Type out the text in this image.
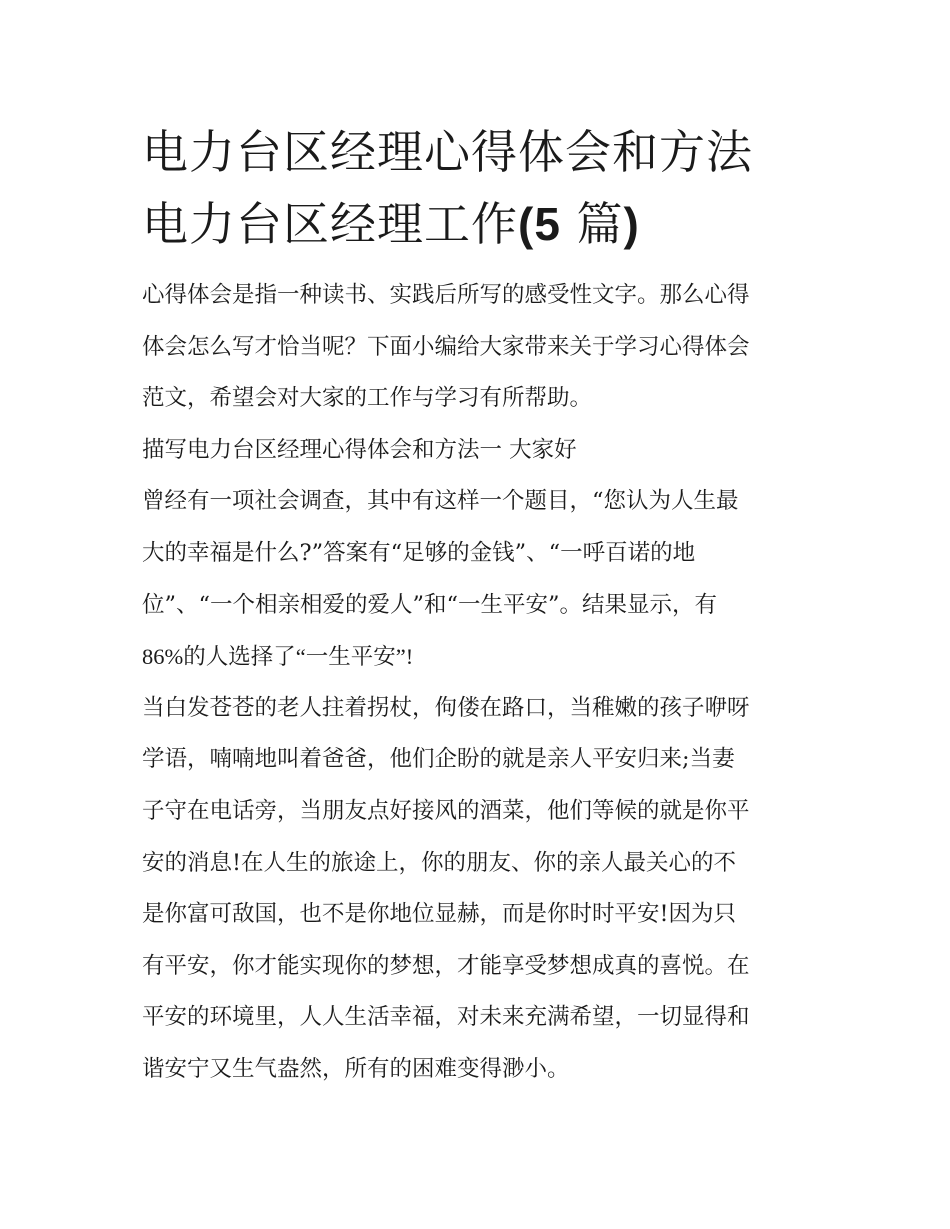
电力台区经理心得体会和方法
电力台区经理工作(5 篇)
心得体会是指一种读书、实践后所写的感受性文字。那么心得
体会怎么写才恰当呢？下面小编给大家带来关于学习心得体会
范文，希望会对大家的工作与学习有所帮助。
描写电力台区经理心得体会和方法一 大家好
曾经有一项社会调查，其中有这样一个题目，“您认为人生最
大的幸福是什么?”答案有“足够的金钱”、“一呼百诺的地
位”、“一个相亲相爱的爱人”和“一生平安”。结果显示，有
86%的人选择了“一生平安”!
当白发苍苍的老人拄着拐杖，佝偻在路口，当稚嫩的孩子咿呀
学语，喃喃地叫着爸爸，他们企盼的就是亲人平安归来;当妻
子守在电话旁，当朋友点好接风的酒菜，他们等候的就是你平
安的消息!在人生的旅途上，你的朋友、你的亲人最关心的不
是你富可敌国，也不是你地位显赫，而是你时时平安!因为只
有平安，你才能实现你的梦想，才能享受梦想成真的喜悦。在
平安的环境里，人人生活幸福，对未来充满希望，一切显得和
谐安宁又生气盎然，所有的困难变得渺小。
